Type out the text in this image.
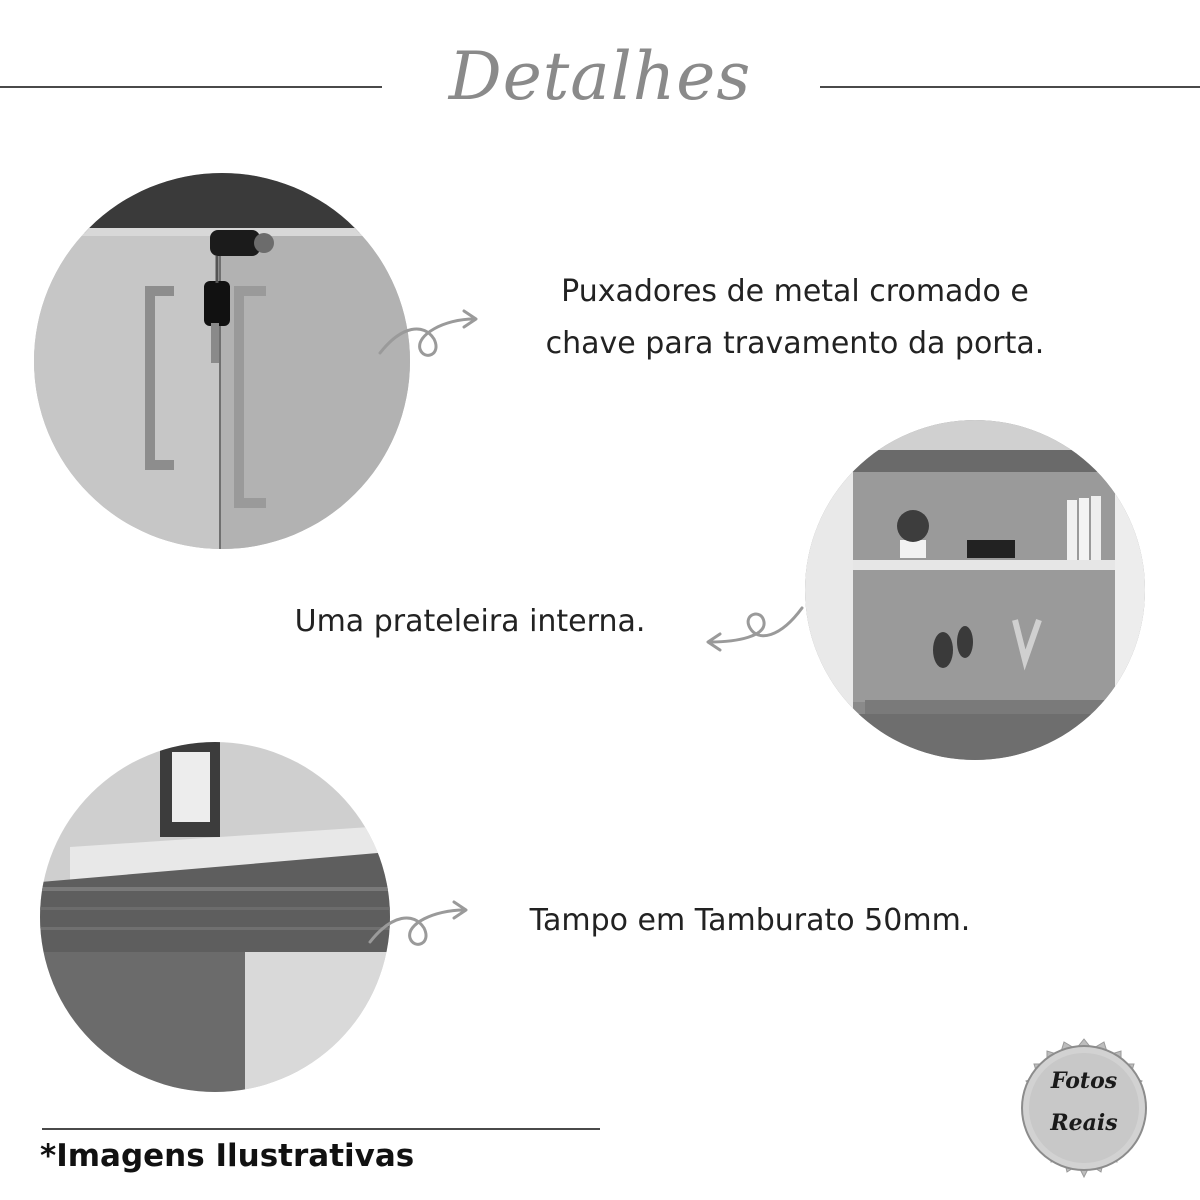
Detalhes
Puxadores de metal cromado e
chave para travamento da porta.
Uma prateleira interna.
Tampo em Tamburato 50mm.
*Imagens Ilustrativas
Fotos
Reais
